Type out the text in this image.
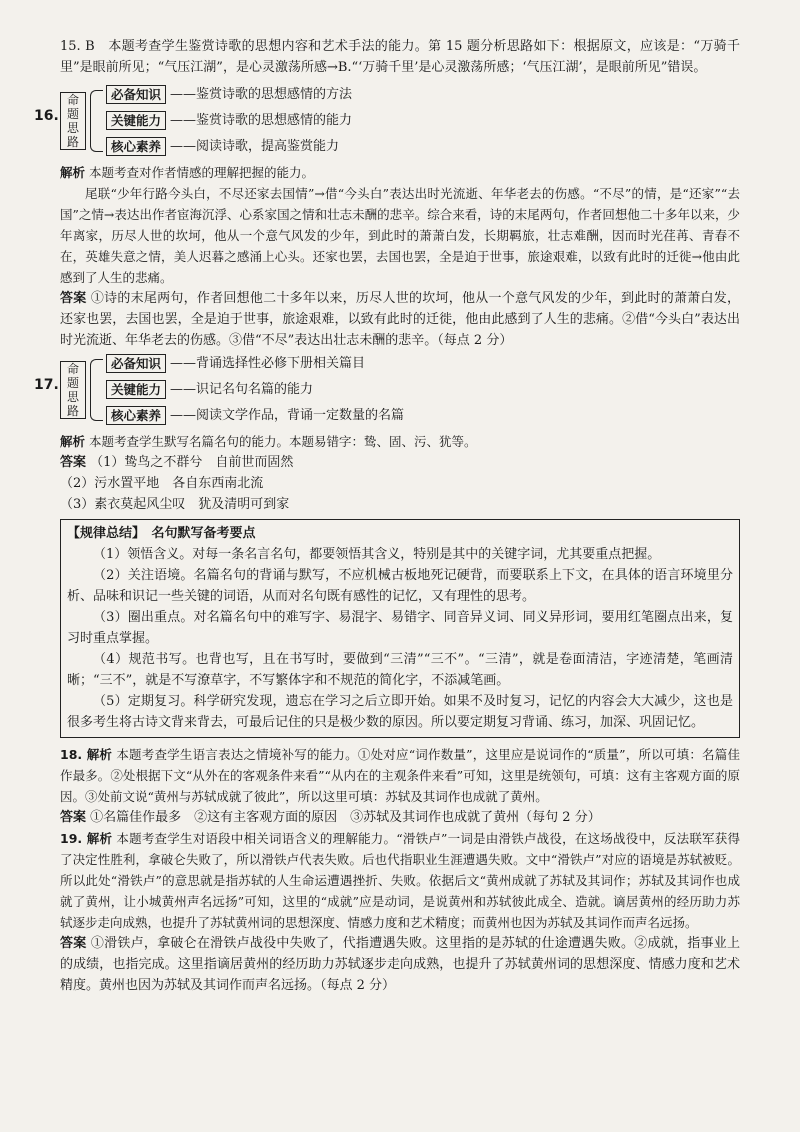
15. B　本题考查学生鉴赏诗歌的思想内容和艺术手法的能力。第 15 题分析思路如下：根据原文，应该是：“万骑千里”是眼前所见；“气压江湖”，是心灵激荡所感→B.“‘万骑千里’是心灵激荡所感；‘气压江湖’，是眼前所见”错误。

16.
命
题
思
路
必备知识 ——鉴赏诗歌的思想感情的方法
关键能力 ——鉴赏诗歌的思想感情的能力
核心素养 ——阅读诗歌，提高鉴赏能力

解析 本题考查对作者情感的理解把握的能力。

尾联“少年行路今头白，不尽还家去国情”→借“今头白”表达出时光流逝、年华老去的伤感。“不尽”的情，是“还家”“去国”之情→表达出作者宦海沉浮、心系家国之情和壮志未酬的悲辛。综合来看，诗的末尾两句，作者回想他二十多年以来，少年离家，历尽人世的坎坷，他从一个意气风发的少年，到此时的萧萧白发，长期羁旅，壮志难酬，因而时光荏苒、青春不在，英雄失意之情，美人迟暮之感涌上心头。还家也罢，去国也罢，全是迫于世事，旅途艰难，以致有此时的迁徙→他由此感到了人生的悲痛。

答案 ①诗的末尾两句，作者回想他二十多年以来，历尽人世的坎坷，他从一个意气风发的少年，到此时的萧萧白发，还家也罢，去国也罢，全是迫于世事，旅途艰难，以致有此时的迁徙，他由此感到了人生的悲痛。②借“今头白”表达出时光流逝、年华老去的伤感。③借“不尽”表达出壮志未酬的悲辛。（每点 2 分）

17.
命
题
思
路
必备知识 ——背诵选择性必修下册相关篇目
关键能力 ——识记名句名篇的能力
核心素养 ——阅读文学作品，背诵一定数量的名篇

解析 本题考查学生默写名篇名句的能力。本题易错字：鸷、固、污、犹等。

答案 （1）鸷鸟之不群兮　自前世而固然

（2）污水置平地　各自东西南北流

（3）素衣莫起风尘叹　犹及清明可到家

【规律总结】　名句默写备考要点

（1）领悟含义。对每一条名言名句，都要领悟其含义，特别是其中的关键字词，尤其要重点把握。

（2）关注语境。名篇名句的背诵与默写，不应机械古板地死记硬背，而要联系上下文，在具体的语言环境里分析、品味和识记一些关键的词语，从而对名句既有感性的记忆，又有理性的思考。

（3）圈出重点。对名篇名句中的难写字、易混字、易错字、同音异义词、同义异形词，要用红笔圈点出来，复习时重点掌握。

（4）规范书写。也背也写，且在书写时，要做到“三清”“三不”。“三清”，就是卷面清洁，字迹清楚，笔画清晰；“三不”，就是不写潦草字，不写繁体字和不规范的简化字，不添减笔画。

（5）定期复习。科学研究发现，遗忘在学习之后立即开始。如果不及时复习，记忆的内容会大大减少，这也是很多考生将古诗文背来背去，可最后记住的只是极少数的原因。所以要定期复习背诵、练习，加深、巩固记忆。

18. 解析 本题考查学生语言表达之情境补写的能力。①处对应“词作数量”，这里应是说词作的“质量”，所以可填：名篇佳作最多。②处根据下文“从外在的客观条件来看”“从内在的主观条件来看”可知，这里是统领句，可填：这有主客观方面的原因。③处前文说“黄州与苏轼成就了彼此”，所以这里可填：苏轼及其词作也成就了黄州。

答案 ①名篇佳作最多　②这有主客观方面的原因　③苏轼及其词作也成就了黄州（每句 2 分）

19. 解析 本题考查学生对语段中相关词语含义的理解能力。“滑铁卢”一词是由滑铁卢战役，在这场战役中，反法联军获得了决定性胜利，拿破仑失败了，所以滑铁卢代表失败。后也代指职业生涯遭遇失败。文中“滑铁卢”对应的语境是苏轼被贬。所以此处“滑铁卢”的意思就是指苏轼的人生命运遭遇挫折、失败。依据后文“黄州成就了苏轼及其词作；苏轼及其词作也成就了黄州，让小城黄州声名远扬”可知，这里的“成就”应是动词，是说黄州和苏轼彼此成全、造就。谪居黄州的经历助力苏轼逐步走向成熟，也提升了苏轼黄州词的思想深度、情感力度和艺术精度；而黄州也因为苏轼及其词作而声名远扬。

答案 ①滑铁卢，拿破仑在滑铁卢战役中失败了，代指遭遇失败。这里指的是苏轼的仕途遭遇失败。②成就，指事业上的成绩，也指完成。这里指谪居黄州的经历助力苏轼逐步走向成熟，也提升了苏轼黄州词的思想深度、情感力度和艺术精度。黄州也因为苏轼及其词作而声名远扬。（每点 2 分）
